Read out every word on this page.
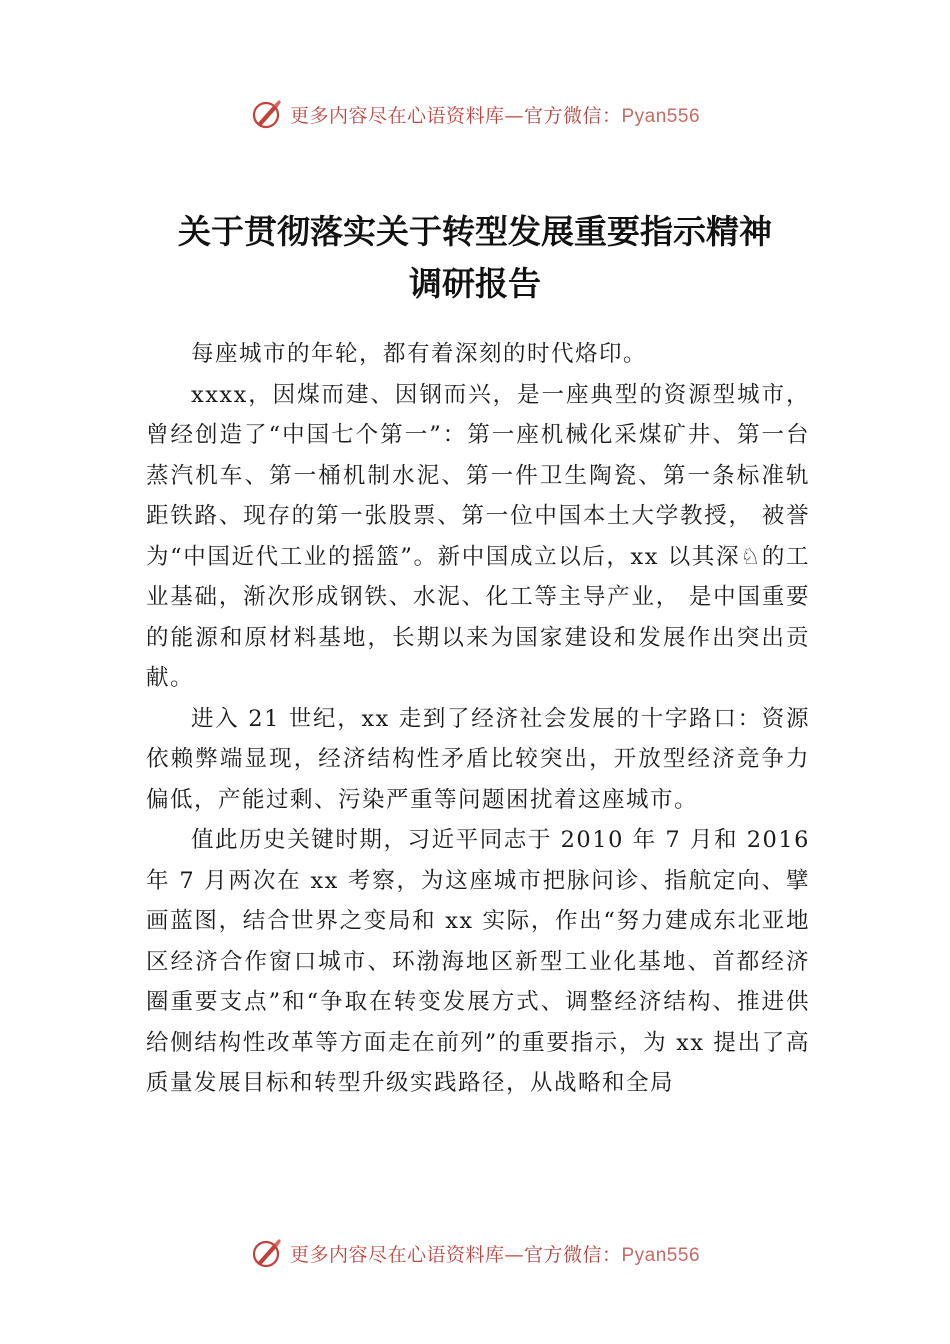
更多内容尽在心语资料库—官方微信：Pyan556
关于贯彻落实关于转型发展重要指示精神
调研报告

每座城市的年轮，都有着深刻的时代烙印。

xxxx，因煤而建、因钢而兴，是一座典型的资源型城市，曾经创造了“中国七个第一”：第一座机械化采煤矿井、第一台蒸汽机车、第一桶机制水泥、第一件卫生陶瓷、第一条标准轨距铁路、现存的第一张股票、第一位中国本土大学教授， 被誉为“中国近代工业的摇篮”。新中国成立以后，xx 以其深♘的工业基础，渐次形成钢铁、水泥、化工等主导产业， 是中国重要的能源和原材料基地，长期以来为国家建设和发展作出突出贡献。

进入 21 世纪，xx 走到了经济社会发展的十字路口：资源依赖弊端显现，经济结构性矛盾比较突出，开放型经济竞争力偏低，产能过剩、污染严重等问题困扰着这座城市。

值此历史关键时期，习近平同志于 2010 年 7 月和 2016 年 7 月两次在 xx 考察，为这座城市把脉问诊、指航定向、擘画蓝图，结合世界之变局和 xx 实际，作出“努力建成东北亚地区经济合作窗口城市、环渤海地区新型工业化基地、首都经济圈重要支点”和“争取在转变发展方式、调整经济结构、推进供给侧结构性改革等方面走在前列”的重要指示，为 xx 提出了高质量发展目标和转型升级实践路径，从战略和全局

更多内容尽在心语资料库—官方微信：Pyan556
